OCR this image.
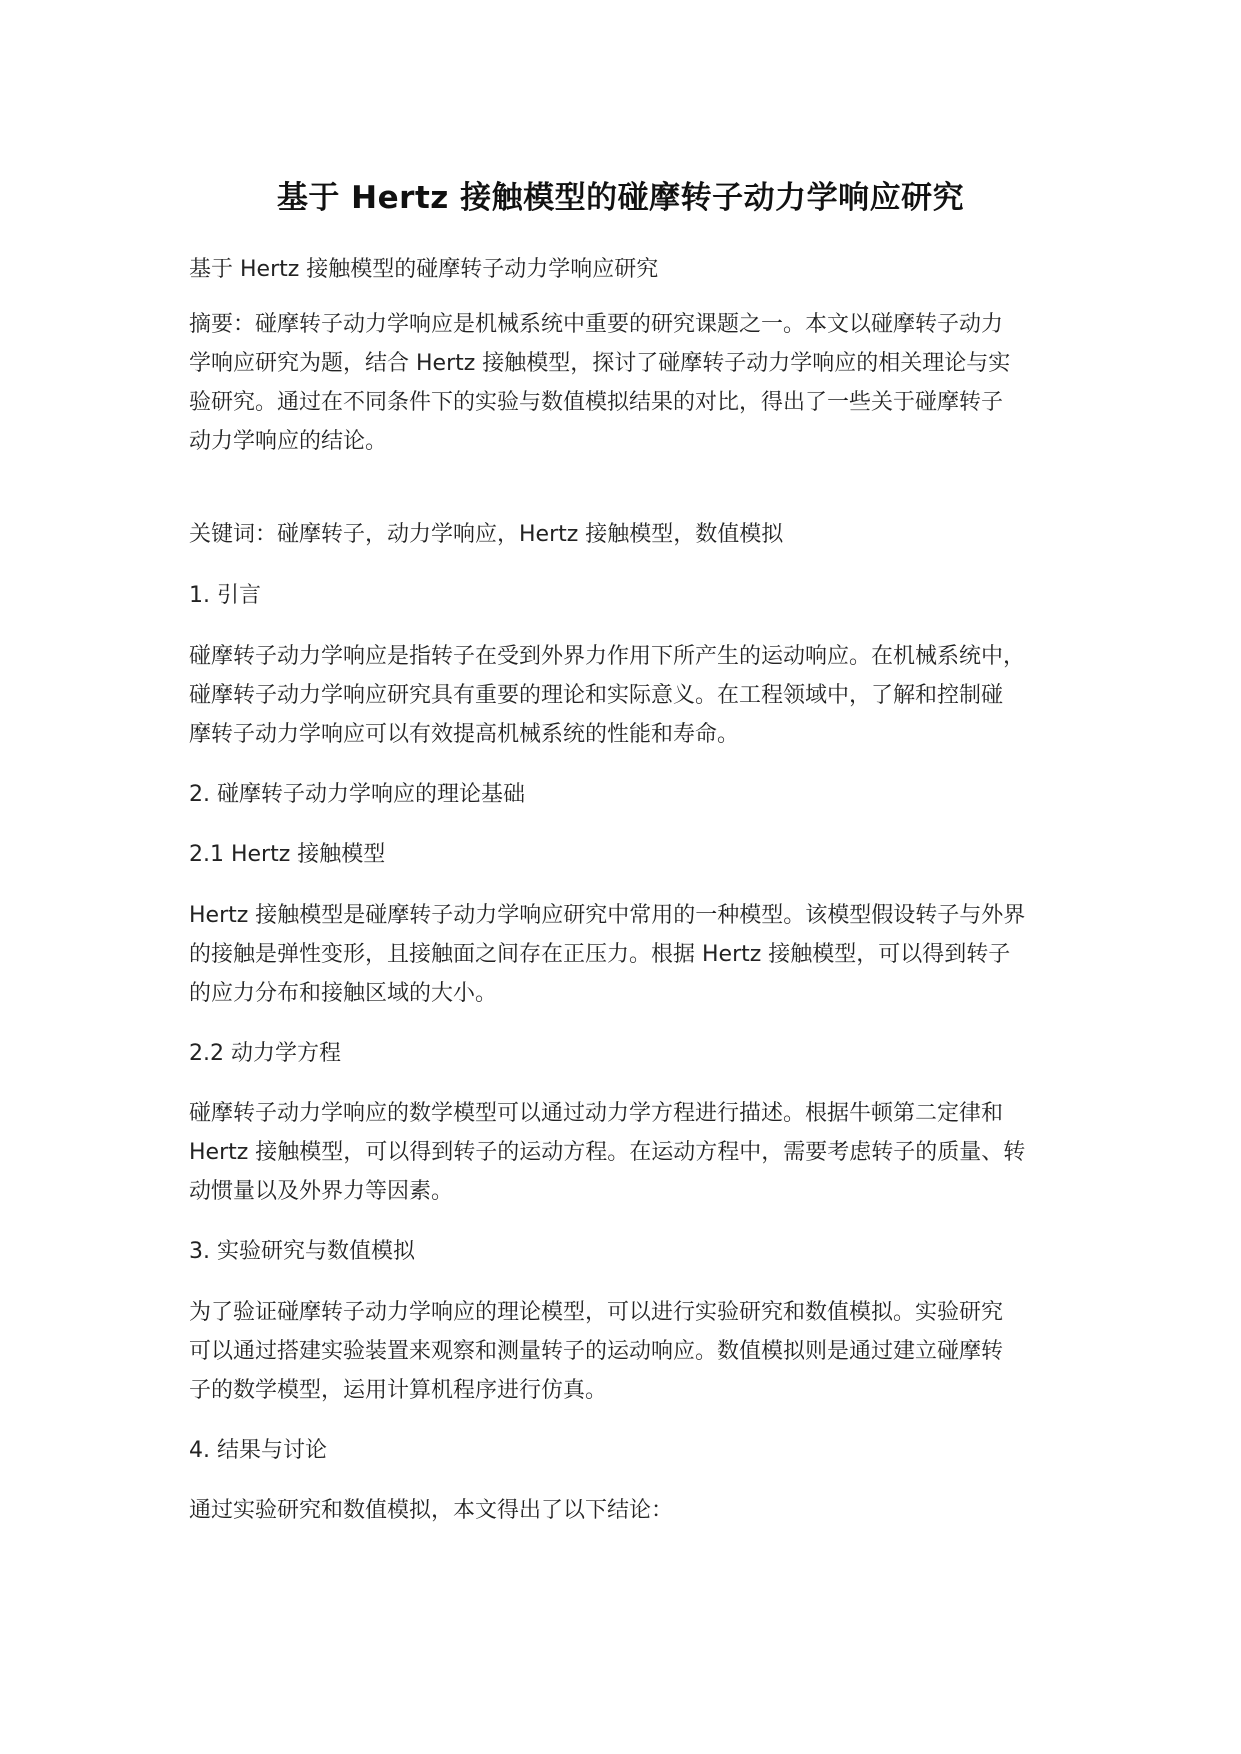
基于 Hertz 接触模型的碰摩转子动力学响应研究
基于 Hertz 接触模型的碰摩转子动力学响应研究
摘要：碰摩转子动力学响应是机械系统中重要的研究课题之一。本文以碰摩转子动力
学响应研究为题，结合 Hertz 接触模型，探讨了碰摩转子动力学响应的相关理论与实
验研究。通过在不同条件下的实验与数值模拟结果的对比，得出了一些关于碰摩转子
动力学响应的结论。
关键词：碰摩转子，动力学响应，Hertz 接触模型，数值模拟
1. 引言
碰摩转子动力学响应是指转子在受到外界力作用下所产生的运动响应。在机械系统中，
碰摩转子动力学响应研究具有重要的理论和实际意义。在工程领域中，了解和控制碰
摩转子动力学响应可以有效提高机械系统的性能和寿命。
2. 碰摩转子动力学响应的理论基础
2.1 Hertz 接触模型
Hertz 接触模型是碰摩转子动力学响应研究中常用的一种模型。该模型假设转子与外界
的接触是弹性变形，且接触面之间存在正压力。根据 Hertz 接触模型，可以得到转子
的应力分布和接触区域的大小。
2.2 动力学方程
碰摩转子动力学响应的数学模型可以通过动力学方程进行描述。根据牛顿第二定律和
Hertz 接触模型，可以得到转子的运动方程。在运动方程中，需要考虑转子的质量、转
动惯量以及外界力等因素。
3. 实验研究与数值模拟
为了验证碰摩转子动力学响应的理论模型，可以进行实验研究和数值模拟。实验研究
可以通过搭建实验装置来观察和测量转子的运动响应。数值模拟则是通过建立碰摩转
子的数学模型，运用计算机程序进行仿真。
4. 结果与讨论
通过实验研究和数值模拟，本文得出了以下结论：
